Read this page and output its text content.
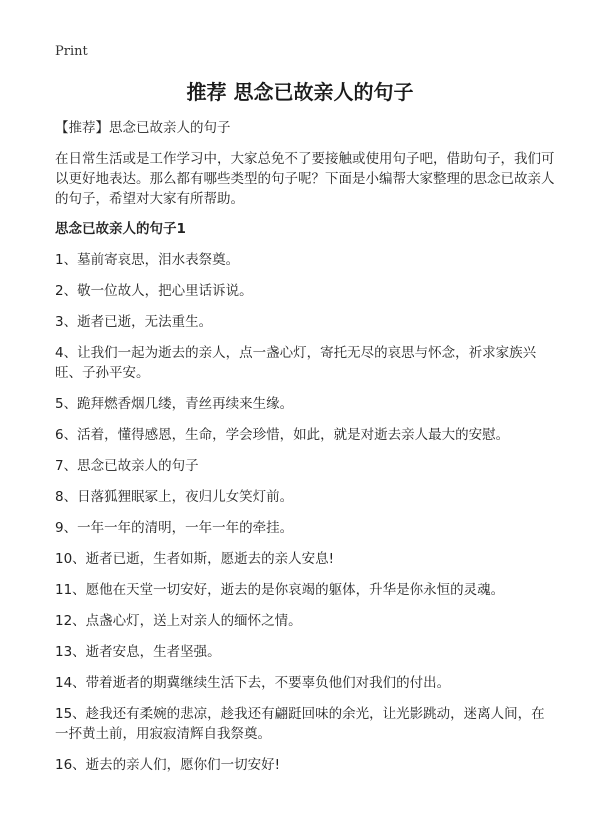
Print
推荐 思念已故亲人的句子

【推荐】思念已故亲人的句子

在日常生活或是工作学习中，大家总免不了要接触或使用句子吧，借助句子，我们可以更好地表达。那么都有哪些类型的句子呢？下面是小编帮大家整理的思念已故亲人的句子，希望对大家有所帮助。

思念已故亲人的句子1

1、墓前寄哀思，泪水表祭奠。
2、敬一位故人，把心里话诉说。
3、逝者已逝，无法重生。
4、让我们一起为逝去的亲人，点一盏心灯，寄托无尽的哀思与怀念，祈求家族兴旺、子孙平安。
5、跪拜燃香烟几缕，青丝再续来生缘。
6、活着，懂得感恩，生命，学会珍惜，如此，就是对逝去亲人最大的安慰。
7、思念已故亲人的句子
8、日落狐狸眠冢上，夜归儿女笑灯前。
9、一年一年的清明，一年一年的牵挂。
10、逝者已逝，生者如斯，愿逝去的亲人安息!
11、愿他在天堂一切安好，逝去的是你哀竭的躯体，升华是你永恒的灵魂。
12、点盏心灯，送上对亲人的缅怀之情。
13、逝者安息，生者坚强。
14、带着逝者的期冀继续生活下去，不要辜负他们对我们的付出。
15、趁我还有柔婉的悲凉，趁我还有翩跹回味的余光，让光影跳动，迷离人间，在一抔黄土前，用寂寂清辉自我祭奠。
16、逝去的亲人们，愿你们一切安好!
